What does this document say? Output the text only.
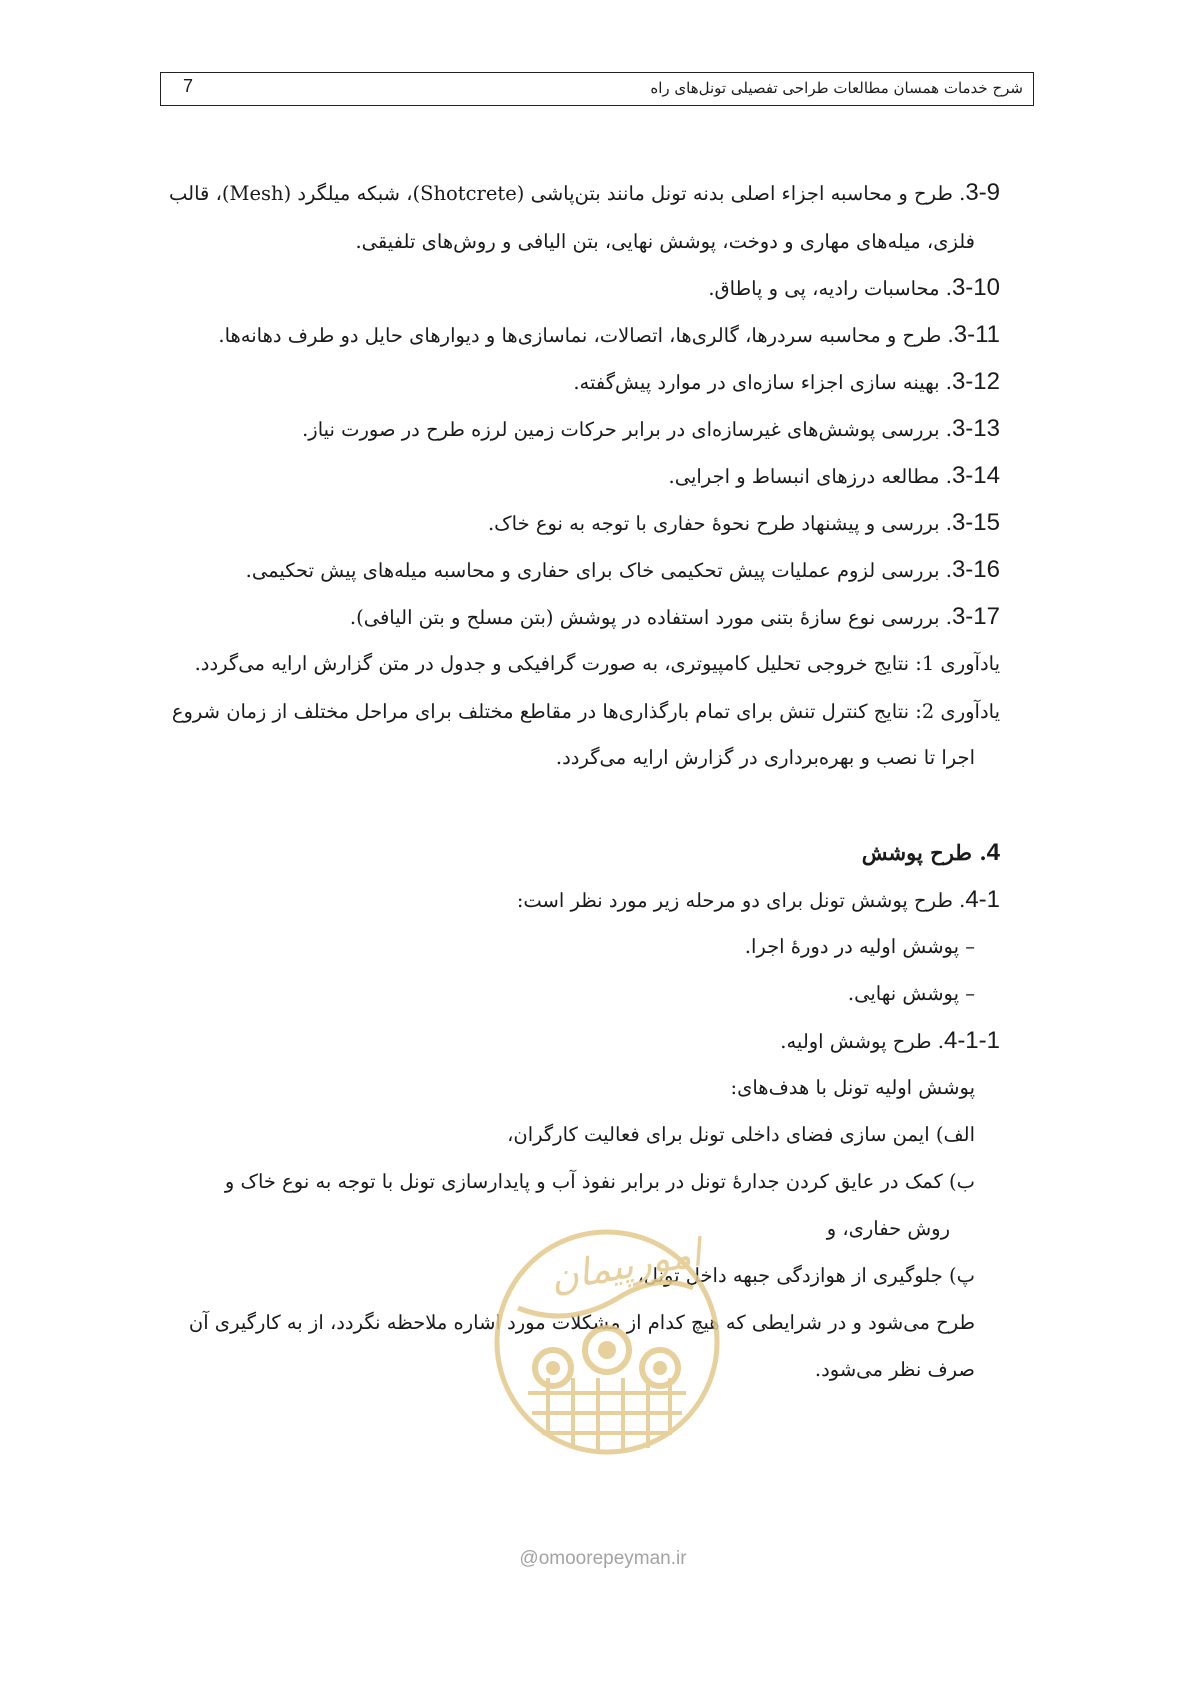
شرح خدمات همسان مطالعات طراحی تفصیلی تونل‌های راه
7
3-9. طرح و محاسبه اجزاء اصلی بدنه تونل مانند بتن‌پاشی (Shotcrete)، شبکه میلگرد (Mesh)، قالب
فلزی، میله‌های مهاری و دوخت، پوشش نهایی، بتن الیافی و روش‌های تلفیقی.
3-10. محاسبات رادیه، پی و پاطاق.
3-11. طرح و محاسبه سردرها، گالری‌ها، اتصالات، نماسازی‌ها و دیوارهای حایل دو طرف دهانه‌ها.
3-12. بهینه سازی اجزاء سازه‌ای در موارد پیش‌گفته.
3-13. بررسی پوشش‌های غیرسازه‌ای در برابر حرکات زمین لرزه طرح در صورت نیاز.
3-14. مطالعه درزهای انبساط و اجرایی.
3-15. بررسی و پیشنهاد طرح نحوهٔ حفاری با توجه به نوع خاک.
3-16. بررسی لزوم عملیات پیش تحکیمی خاک برای حفاری و محاسبه میله‌های پیش تحکیمی.
3-17. بررسی نوع سازهٔ بتنی مورد استفاده در پوشش (بتن مسلح و بتن الیافی).
یادآوری 1: نتایج خروجی تحلیل کامپیوتری، به صورت گرافیکی و جدول در متن گزارش ارایه می‌گردد.
یادآوری 2: نتایج کنترل تنش برای تمام بارگذاری‌ها در مقاطع مختلف برای مراحل مختلف از زمان شروع
اجرا تا نصب و بهره‌برداری در گزارش ارایه می‌گردد.
4. طرح پوشش
4-1. طرح پوشش تونل برای دو مرحله زیر مورد نظر است:
– پوشش اولیه در دورهٔ اجرا.
– پوشش نهایی.
4-1-1. طرح پوشش اولیه.
پوشش اولیه تونل با هدف‌های:
الف) ایمن سازی فضای داخلی تونل برای فعالیت کارگران،
ب) کمک در عایق کردن جدارهٔ تونل در برابر نفوذ آب و پایدارسازی تونل با توجه به نوع خاک و
روش حفاری، و
پ) جلوگیری از هوازدگی جبهه داخل تونل،
طرح می‌شود و در شرایطی که هیچ کدام از مشکلات مورد اشاره ملاحظه نگردد، از به کارگیری آن
صرف نظر می‌شود.
امورپیمان
@omoorepeyman.ir
